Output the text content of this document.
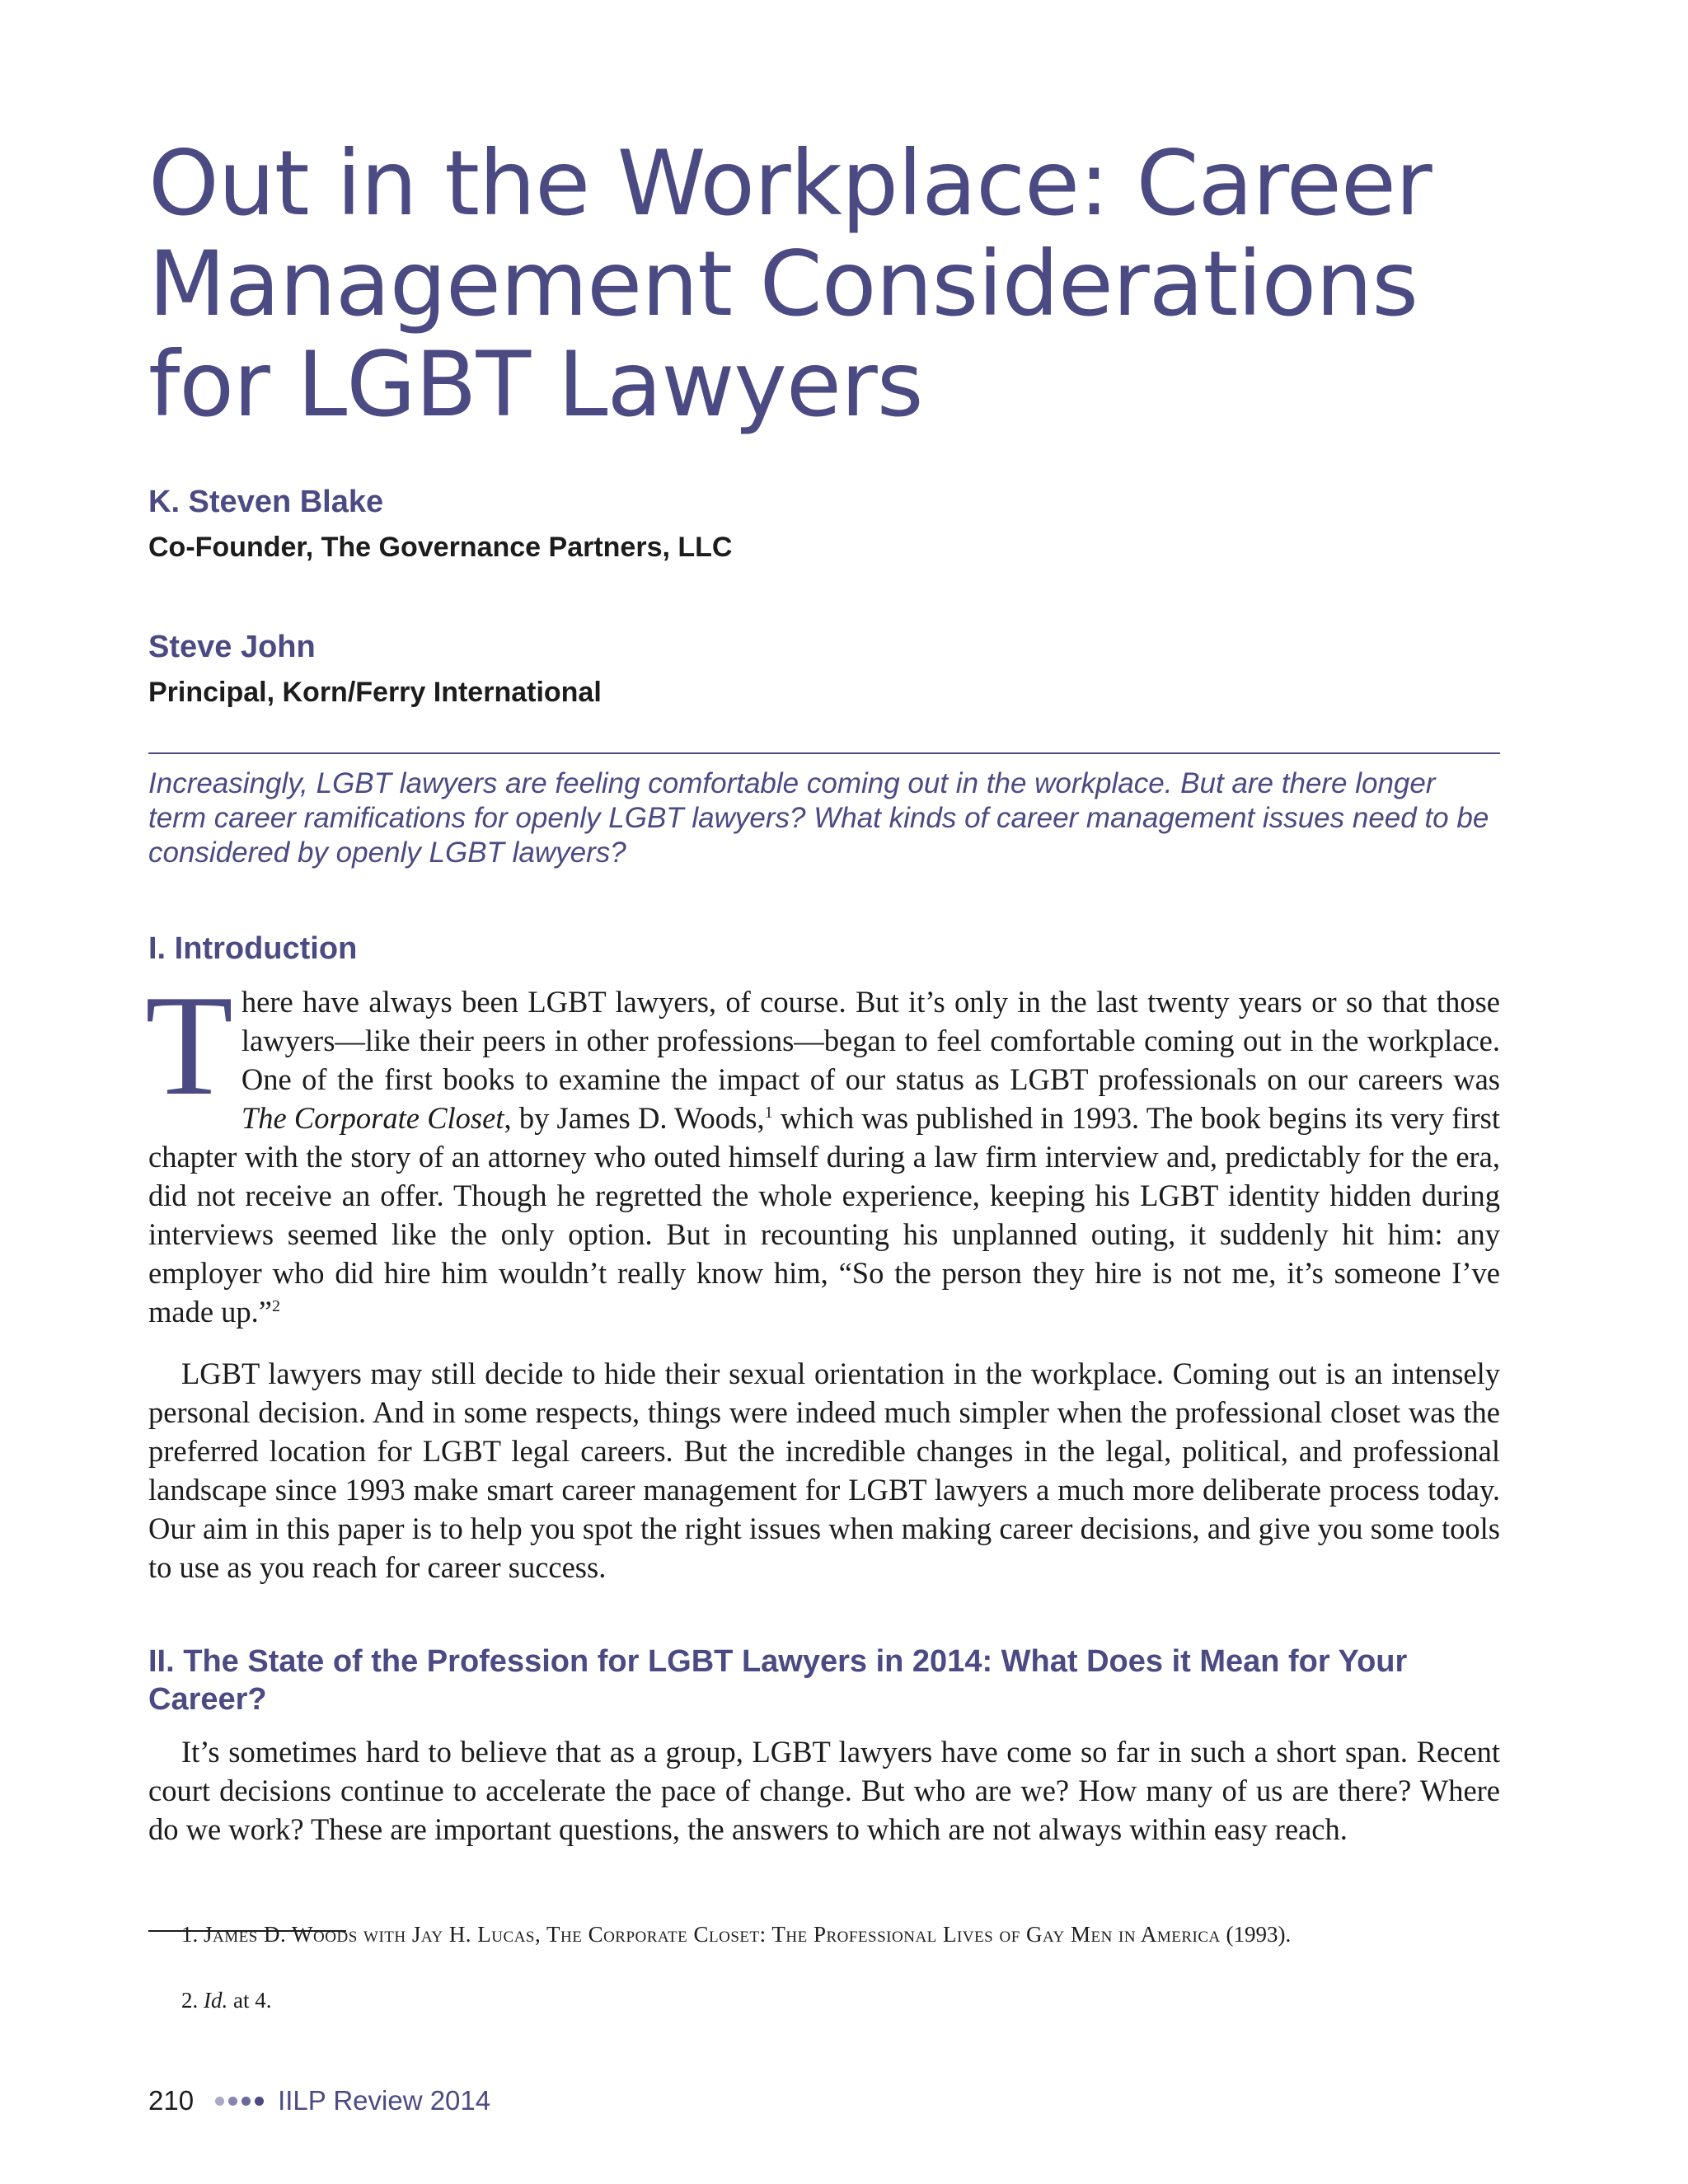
Out in the Workplace: Career Management Considerations for LGBT Lawyers
K. Steven Blake
Co-Founder, The Governance Partners, LLC
Steve John
Principal, Korn/Ferry International
Increasingly, LGBT lawyers are feeling comfortable coming out in the workplace. But are there longer term career ramifications for openly LGBT lawyers? What kinds of career management issues need to be considered by openly LGBT lawyers?
I. Introduction

There have always been LGBT lawyers, of course. But it’s only in the last twenty years or so that those lawyers—like their peers in other professions—began to feel comfortable coming out in the workplace. One of the first books to examine the impact of our status as LGBT professionals on our careers was The Corporate Closet, by James D. Woods,$^1$ which was published in 1993. The book begins its very first chapter with the story of an attorney who outed himself during a law firm interview and, predictably for the era, did not receive an offer. Though he regretted the whole experience, keeping his LGBT identity hidden during interviews seemed like the only option. But in recounting his unplanned outing, it suddenly hit him: any employer who did hire him wouldn’t really know him, “So the person they hire is not me, it’s someone I’ve made up.”$^2$

LGBT lawyers may still decide to hide their sexual orientation in the workplace. Coming out is an intensely personal decision. And in some respects, things were indeed much simpler when the professional closet was the preferred location for LGBT legal careers. But the incredible changes in the legal, political, and professional landscape since 1993 make smart career management for LGBT lawyers a much more deliberate process today. Our aim in this paper is to help you spot the right issues when making career decisions, and give you some tools to use as you reach for career success.

II. The State of the Profession for LGBT Lawyers in 2014: What Does it Mean for Your Career?

It’s sometimes hard to believe that as a group, LGBT lawyers have come so far in such a short span. Recent court decisions continue to accelerate the pace of change. But who are we? How many of us are there? Where do we work? These are important questions, the answers to which are not always within easy reach.

1. James D. Woods with Jay H. Lucas, The Corporate Closet: The Professional Lives of Gay Men in America (1993).
2. Id. at 4.
210	IILP Review 2014
